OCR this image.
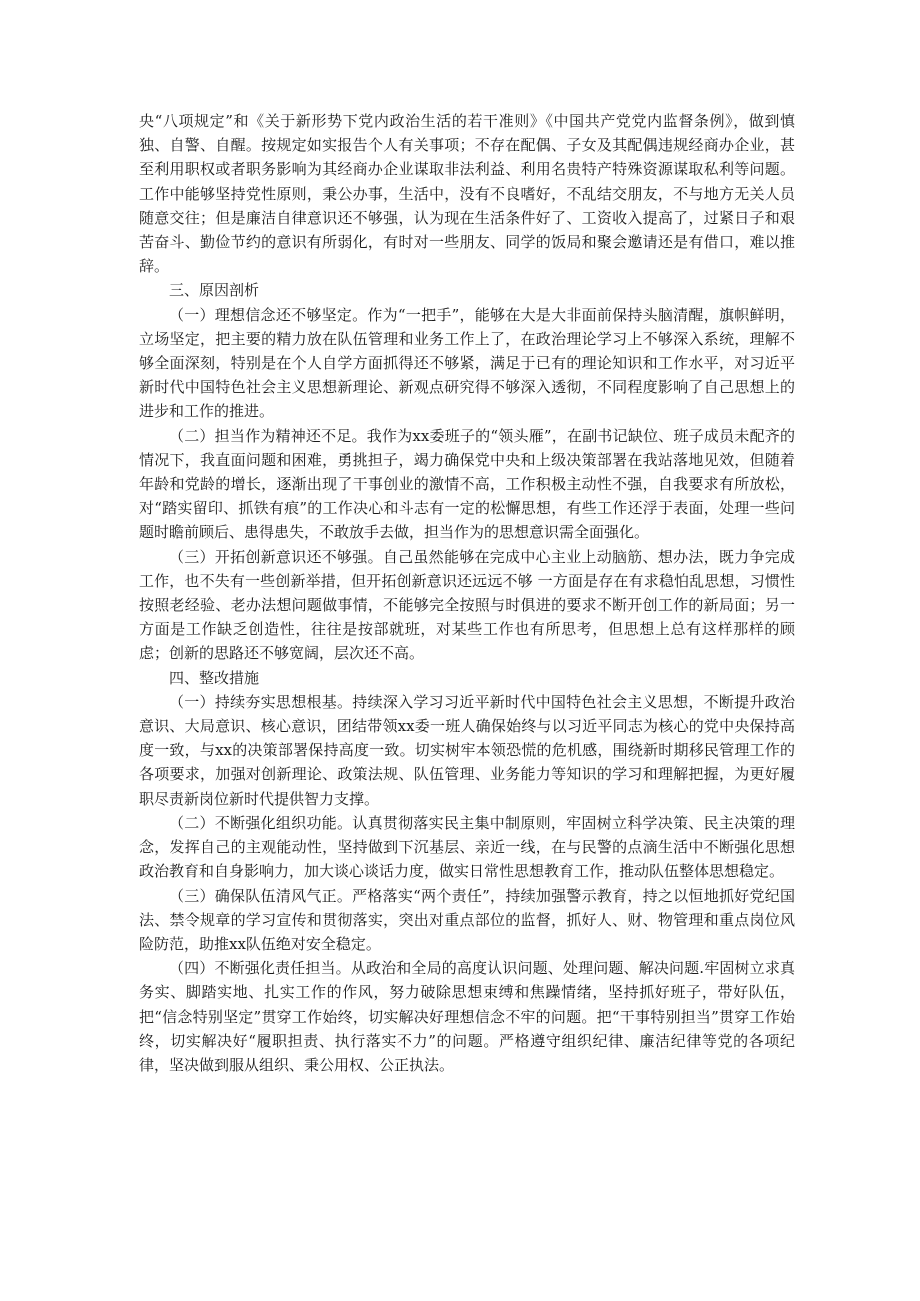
央“八项规定”和《关于新形势下党内政治生活的若干准则》《中国共产党党内监督条例》，做到慎独、自警、自醒。按规定如实报告个人有关事项；不存在配偶、子女及其配偶违规经商办企业，甚至利用职权或者职务影响为其经商办企业谋取非法利益、利用名贵特产特殊资源谋取私利等问题。工作中能够坚持党性原则，秉公办事，生活中，没有不良嗜好，不乱结交朋友，不与地方无关人员随意交往；但是廉洁自律意识还不够强，认为现在生活条件好了、工资收入提高了，过紧日子和艰苦奋斗、勤俭节约的意识有所弱化，有时对一些朋友、同学的饭局和聚会邀请还是有借口，难以推辞。

三、原因剖析

（一）理想信念还不够坚定。作为“一把手”，能够在大是大非面前保持头脑清醒，旗帜鲜明，立场坚定，把主要的精力放在队伍管理和业务工作上了，在政治理论学习上不够深入系统，理解不够全面深刻，特别是在个人自学方面抓得还不够紧，满足于已有的理论知识和工作水平，对习近平新时代中国特色社会主义思想新理论、新观点研究得不够深入透彻，不同程度影响了自己思想上的进步和工作的推进。

（二）担当作为精神还不足。我作为xx委班子的“领头雁”，在副书记缺位、班子成员未配齐的情况下，我直面问题和困难，勇挑担子，竭力确保党中央和上级决策部署在我站落地见效，但随着年龄和党龄的增长，逐渐出现了干事创业的激情不高，工作积极主动性不强，自我要求有所放松，对“踏实留印、抓铁有痕”的工作决心和斗志有一定的松懈思想，有些工作还浮于表面，处理一些问题时瞻前顾后、患得患失，不敢放手去做，担当作为的思想意识需全面强化。

（三）开拓创新意识还不够强。自己虽然能够在完成中心主业上动脑筋、想办法，既力争完成工作，也不失有一些创新举措，但开拓创新意识还远远不够 一方面是存在有求稳怕乱思想，习惯性按照老经验、老办法想问题做事情，不能够完全按照与时俱进的要求不断开创工作的新局面；另一方面是工作缺乏创造性，往往是按部就班，对某些工作也有所思考，但思想上总有这样那样的顾虑；创新的思路还不够宽阔，层次还不高。

四、整改措施

（一）持续夯实思想根基。持续深入学习习近平新时代中国特色社会主义思想，不断提升政治意识、大局意识、核心意识，团结带领xx委一班人确保始终与以习近平同志为核心的党中央保持高度一致，与xx的决策部署保持高度一致。切实树牢本领恐慌的危机感，围绕新时期移民管理工作的各项要求，加强对创新理论、政策法规、队伍管理、业务能力等知识的学习和理解把握，为更好履职尽责新岗位新时代提供智力支撑。

（二）不断强化组织功能。认真贯彻落实民主集中制原则，牢固树立科学决策、民主决策的理念，发挥自己的主观能动性，坚持做到下沉基层、亲近一线，在与民警的点滴生活中不断强化思想政治教育和自身影响力，加大谈心谈话力度，做实日常性思想教育工作，推动队伍整体思想稳定。

（三）确保队伍清风气正。严格落实“两个责任”，持续加强警示教育，持之以恒地抓好党纪国法、禁令规章的学习宣传和贯彻落实，突出对重点部位的监督，抓好人、财、物管理和重点岗位风险防范，助推xx队伍绝对安全稳定。

（四）不断强化责任担当。从政治和全局的高度认识问题、处理问题、解决问题.牢固树立求真务实、脚踏实地、扎实工作的作风，努力破除思想束缚和焦躁情绪，坚持抓好班子，带好队伍，把“信念特别坚定”贯穿工作始终，切实解决好理想信念不牢的问题。把“干事特别担当”贯穿工作始终，切实解决好“履职担责、执行落实不力”的问题。严格遵守组织纪律、廉洁纪律等党的各项纪律，坚决做到服从组织、秉公用权、公正执法。
